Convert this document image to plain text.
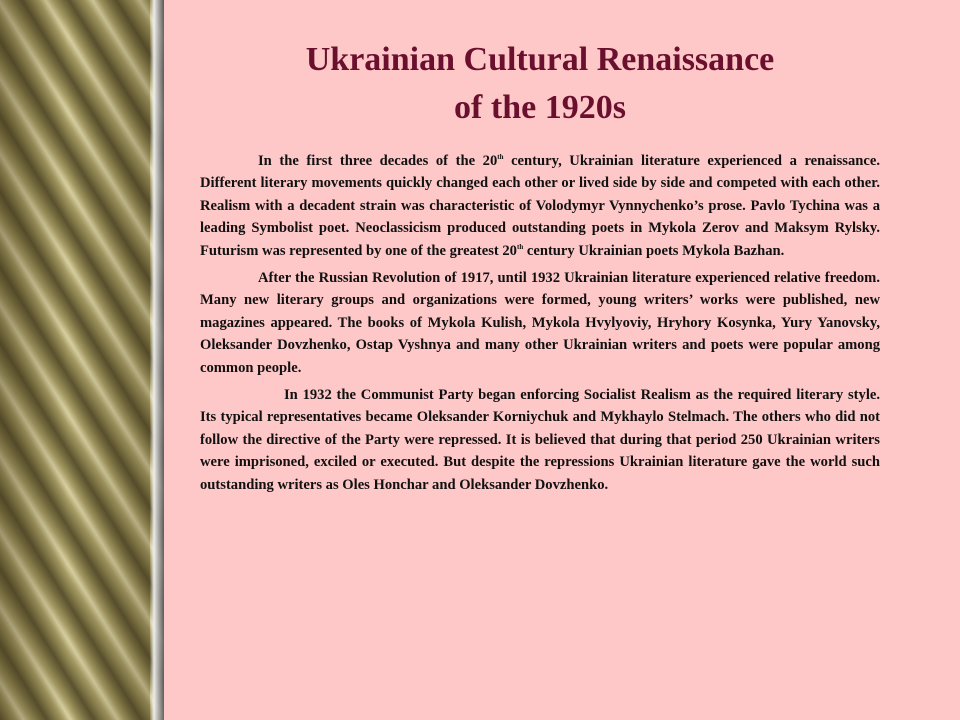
Ukrainian Cultural Renaissance
of the 1920s

In the first three decades of the 20th century, Ukrainian literature experienced a renaissance. Different literary movements quickly changed each other or lived side by side and competed with each other. Realism with a decadent strain was characteristic of Volodymyr Vynnychenko’s prose. Pavlo Tychina was a leading Symbolist poet. Neoclassicism produced outstanding poets in Mykola Zerov and Maksym Rylsky. Futurism was represented by one of the greatest 20th century Ukrainian poets Mykola Bazhan.

After the Russian Revolution of 1917, until 1932 Ukrainian literature experienced relative freedom. Many new literary groups and organizations were formed, young writers’ works were published, new magazines appeared. The books of Mykola Kulish, Mykola Hvylyoviy, Hryhory Kosynka, Yury Yanovsky, Oleksander Dovzhenko, Ostap Vyshnya and many other Ukrainian writers and poets were popular among common people.

In 1932 the Communist Party began enforcing Socialist Realism as the required literary style. Its typical representatives became Oleksander Korniychuk and Mykhaylo Stelmach. The others who did not follow the directive of the Party were repressed. It is believed that during that period 250 Ukrainian writers were imprisoned, exciled or executed. But despite the repressions Ukrainian literature gave the world such outstanding writers as Oles Honchar and Oleksander Dovzhenko.
